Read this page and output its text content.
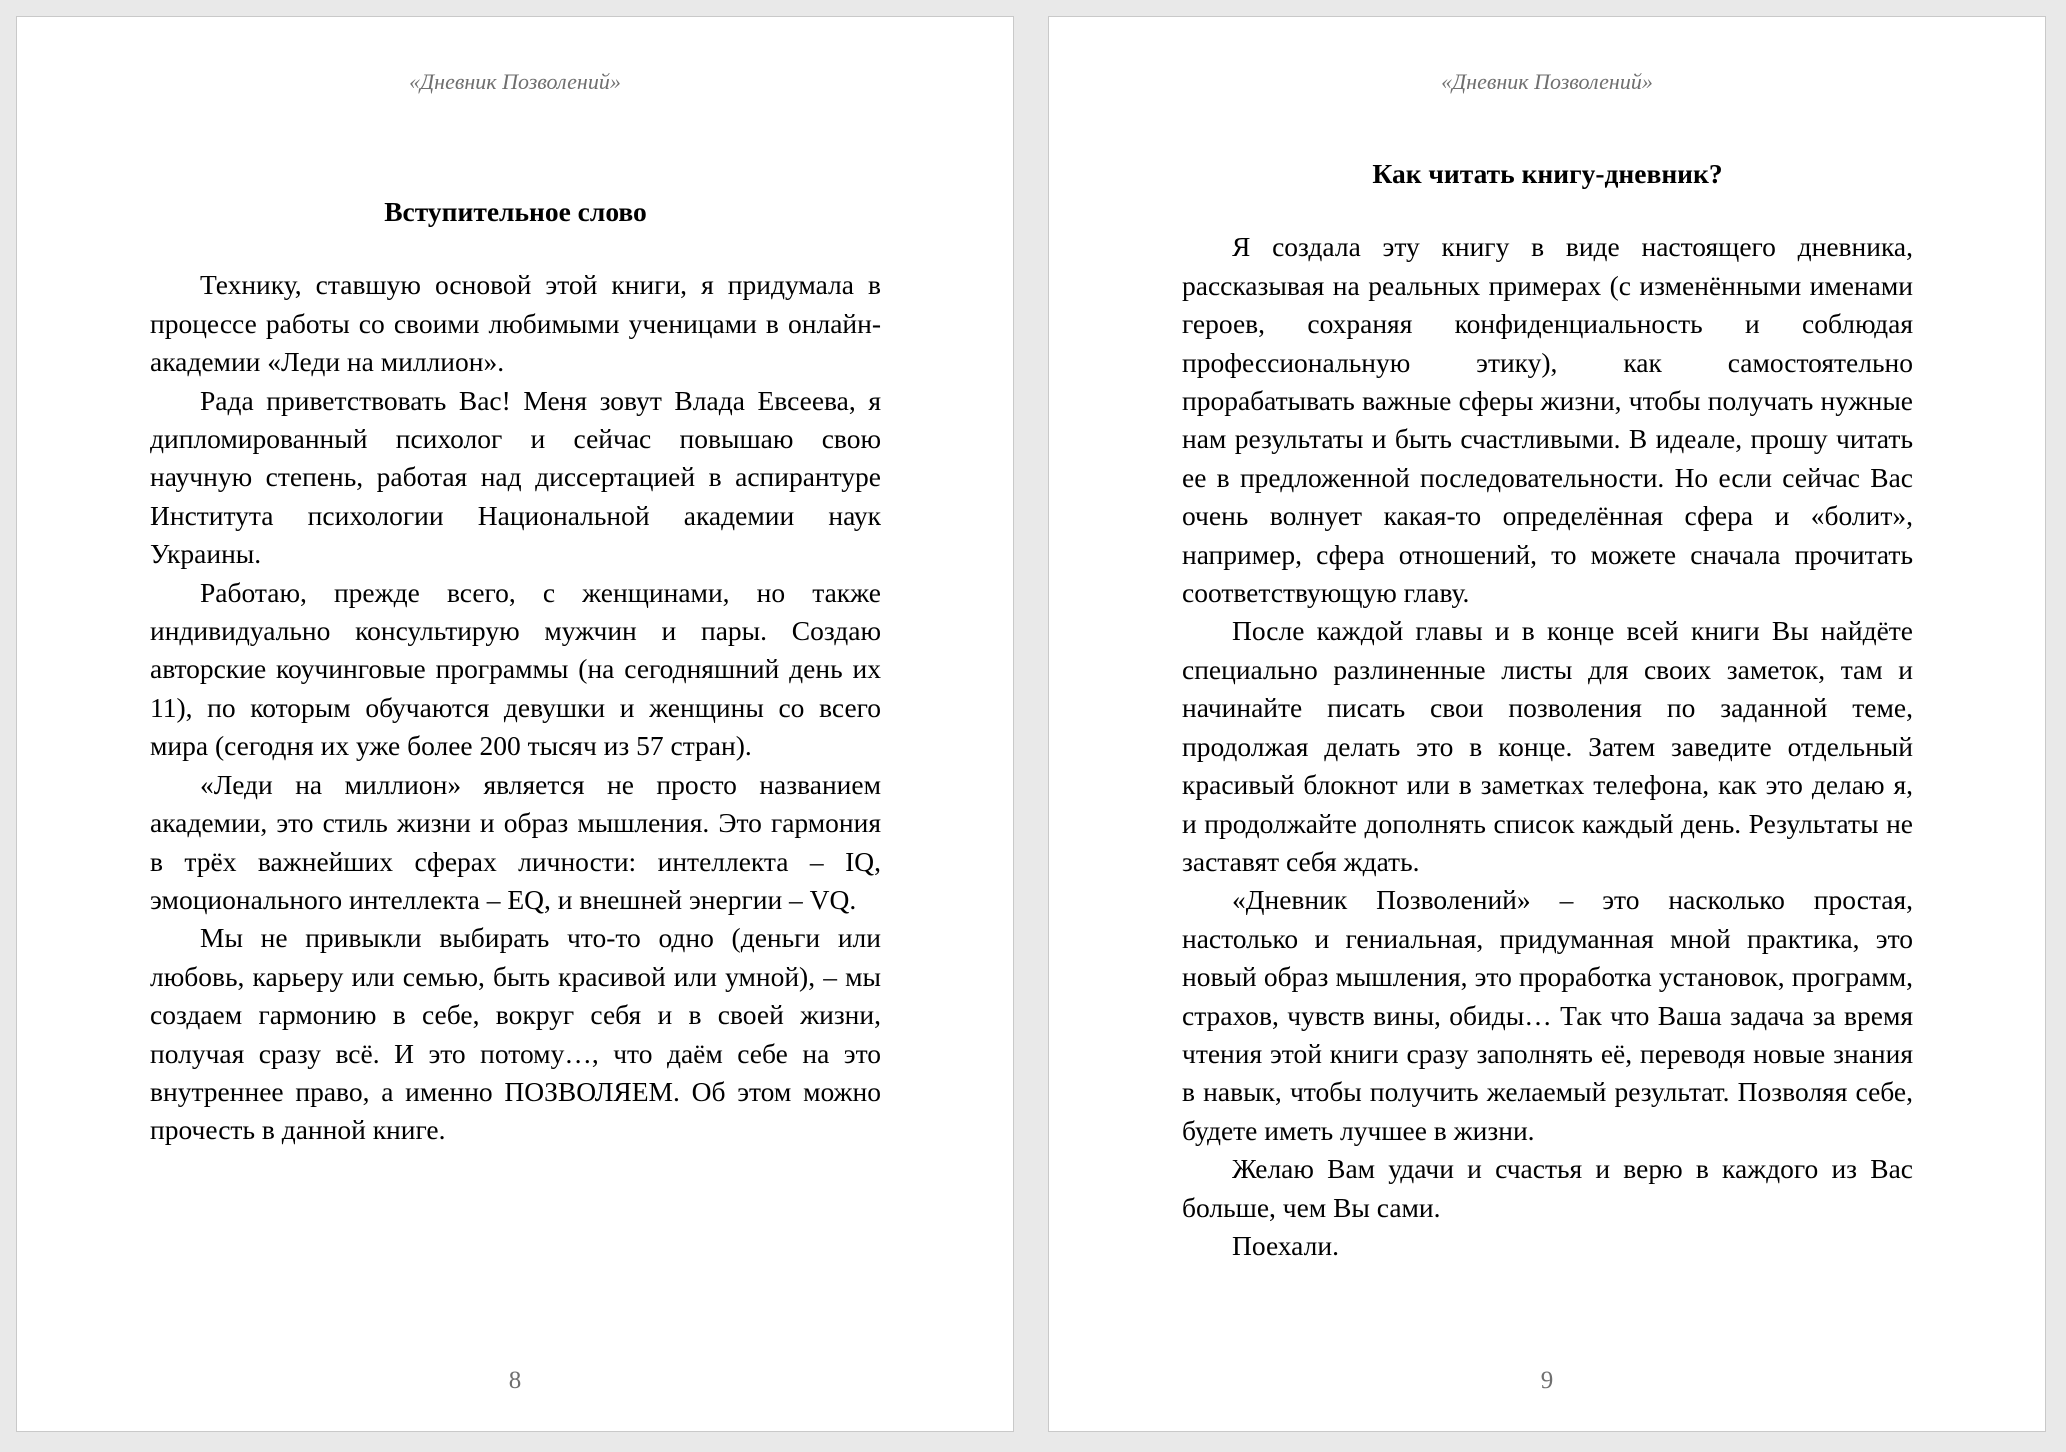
«Дневник Позволений»
Вступительное слово

Технику, ставшую основой этой книги, я придумала в процессе работы со своими любимыми ученицами в онлайн-академии «Леди на миллион».

Рада приветствовать Вас! Меня зовут Влада Евсеева, я дипломированный психолог и сейчас повышаю свою научную степень, работая над диссертацией в аспирантуре Института психологии Национальной академии наук Украины.

Работаю, прежде всего, с женщинами, но также индивидуально консультирую мужчин и пары. Создаю авторские коучинговые программы (на сегодняшний день их 11), по которым обучаются девушки и женщины со всего мира (сегодня их уже более 200 тысяч из 57 стран).

«Леди на миллион» является не просто названием академии, это стиль жизни и образ мышления. Это гармония в трёх важнейших сферах личности: интеллекта – IQ, эмоционального интеллекта – EQ, и внешней энергии – VQ.

Мы не привыкли выбирать что-то одно (деньги или любовь, карьеру или семью, быть красивой или умной), – мы создаем гармонию в себе, вокруг себя и в своей жизни, получая сразу всё. И это потому…, что даём себе на это внутреннее право, а именно ПОЗВОЛЯЕМ. Об этом можно прочесть в данной книге.

8
«Дневник Позволений»
Как читать книгу-дневник?

Я создала эту книгу в виде настоящего дневника, рассказывая на реальных примерах (с изменёнными именами героев, сохраняя конфиденциальность и соблюдая профессиональную этику), как самостоятельно прорабатывать важные сферы жизни, чтобы получать нужные нам результаты и быть счастливыми. В идеале, прошу читать ее в предложенной последовательности. Но если сейчас Вас очень волнует какая-то определённая сфера и «болит», например, сфера отношений, то можете сначала прочитать соответствующую главу.

После каждой главы и в конце всей книги Вы найдёте специально разлиненные листы для своих заметок, там и начинайте писать свои позволения по заданной теме, продолжая делать это в конце. Затем заведите отдельный красивый блокнот или в заметках телефона, как это делаю я, и продолжайте дополнять список каждый день. Результаты не заставят себя ждать.

«Дневник Позволений» – это насколько простая, настолько и гениальная, придуманная мной практика, это новый образ мышления, это проработка установок, программ, страхов, чувств вины, обиды… Так что Ваша задача за время чтения этой книги сразу заполнять её, переводя новые знания в навык, чтобы получить желаемый результат. Позволяя себе, будете иметь лучшее в жизни.

Желаю Вам удачи и счастья и верю в каждого из Вас больше, чем Вы сами.

Поехали.

9
